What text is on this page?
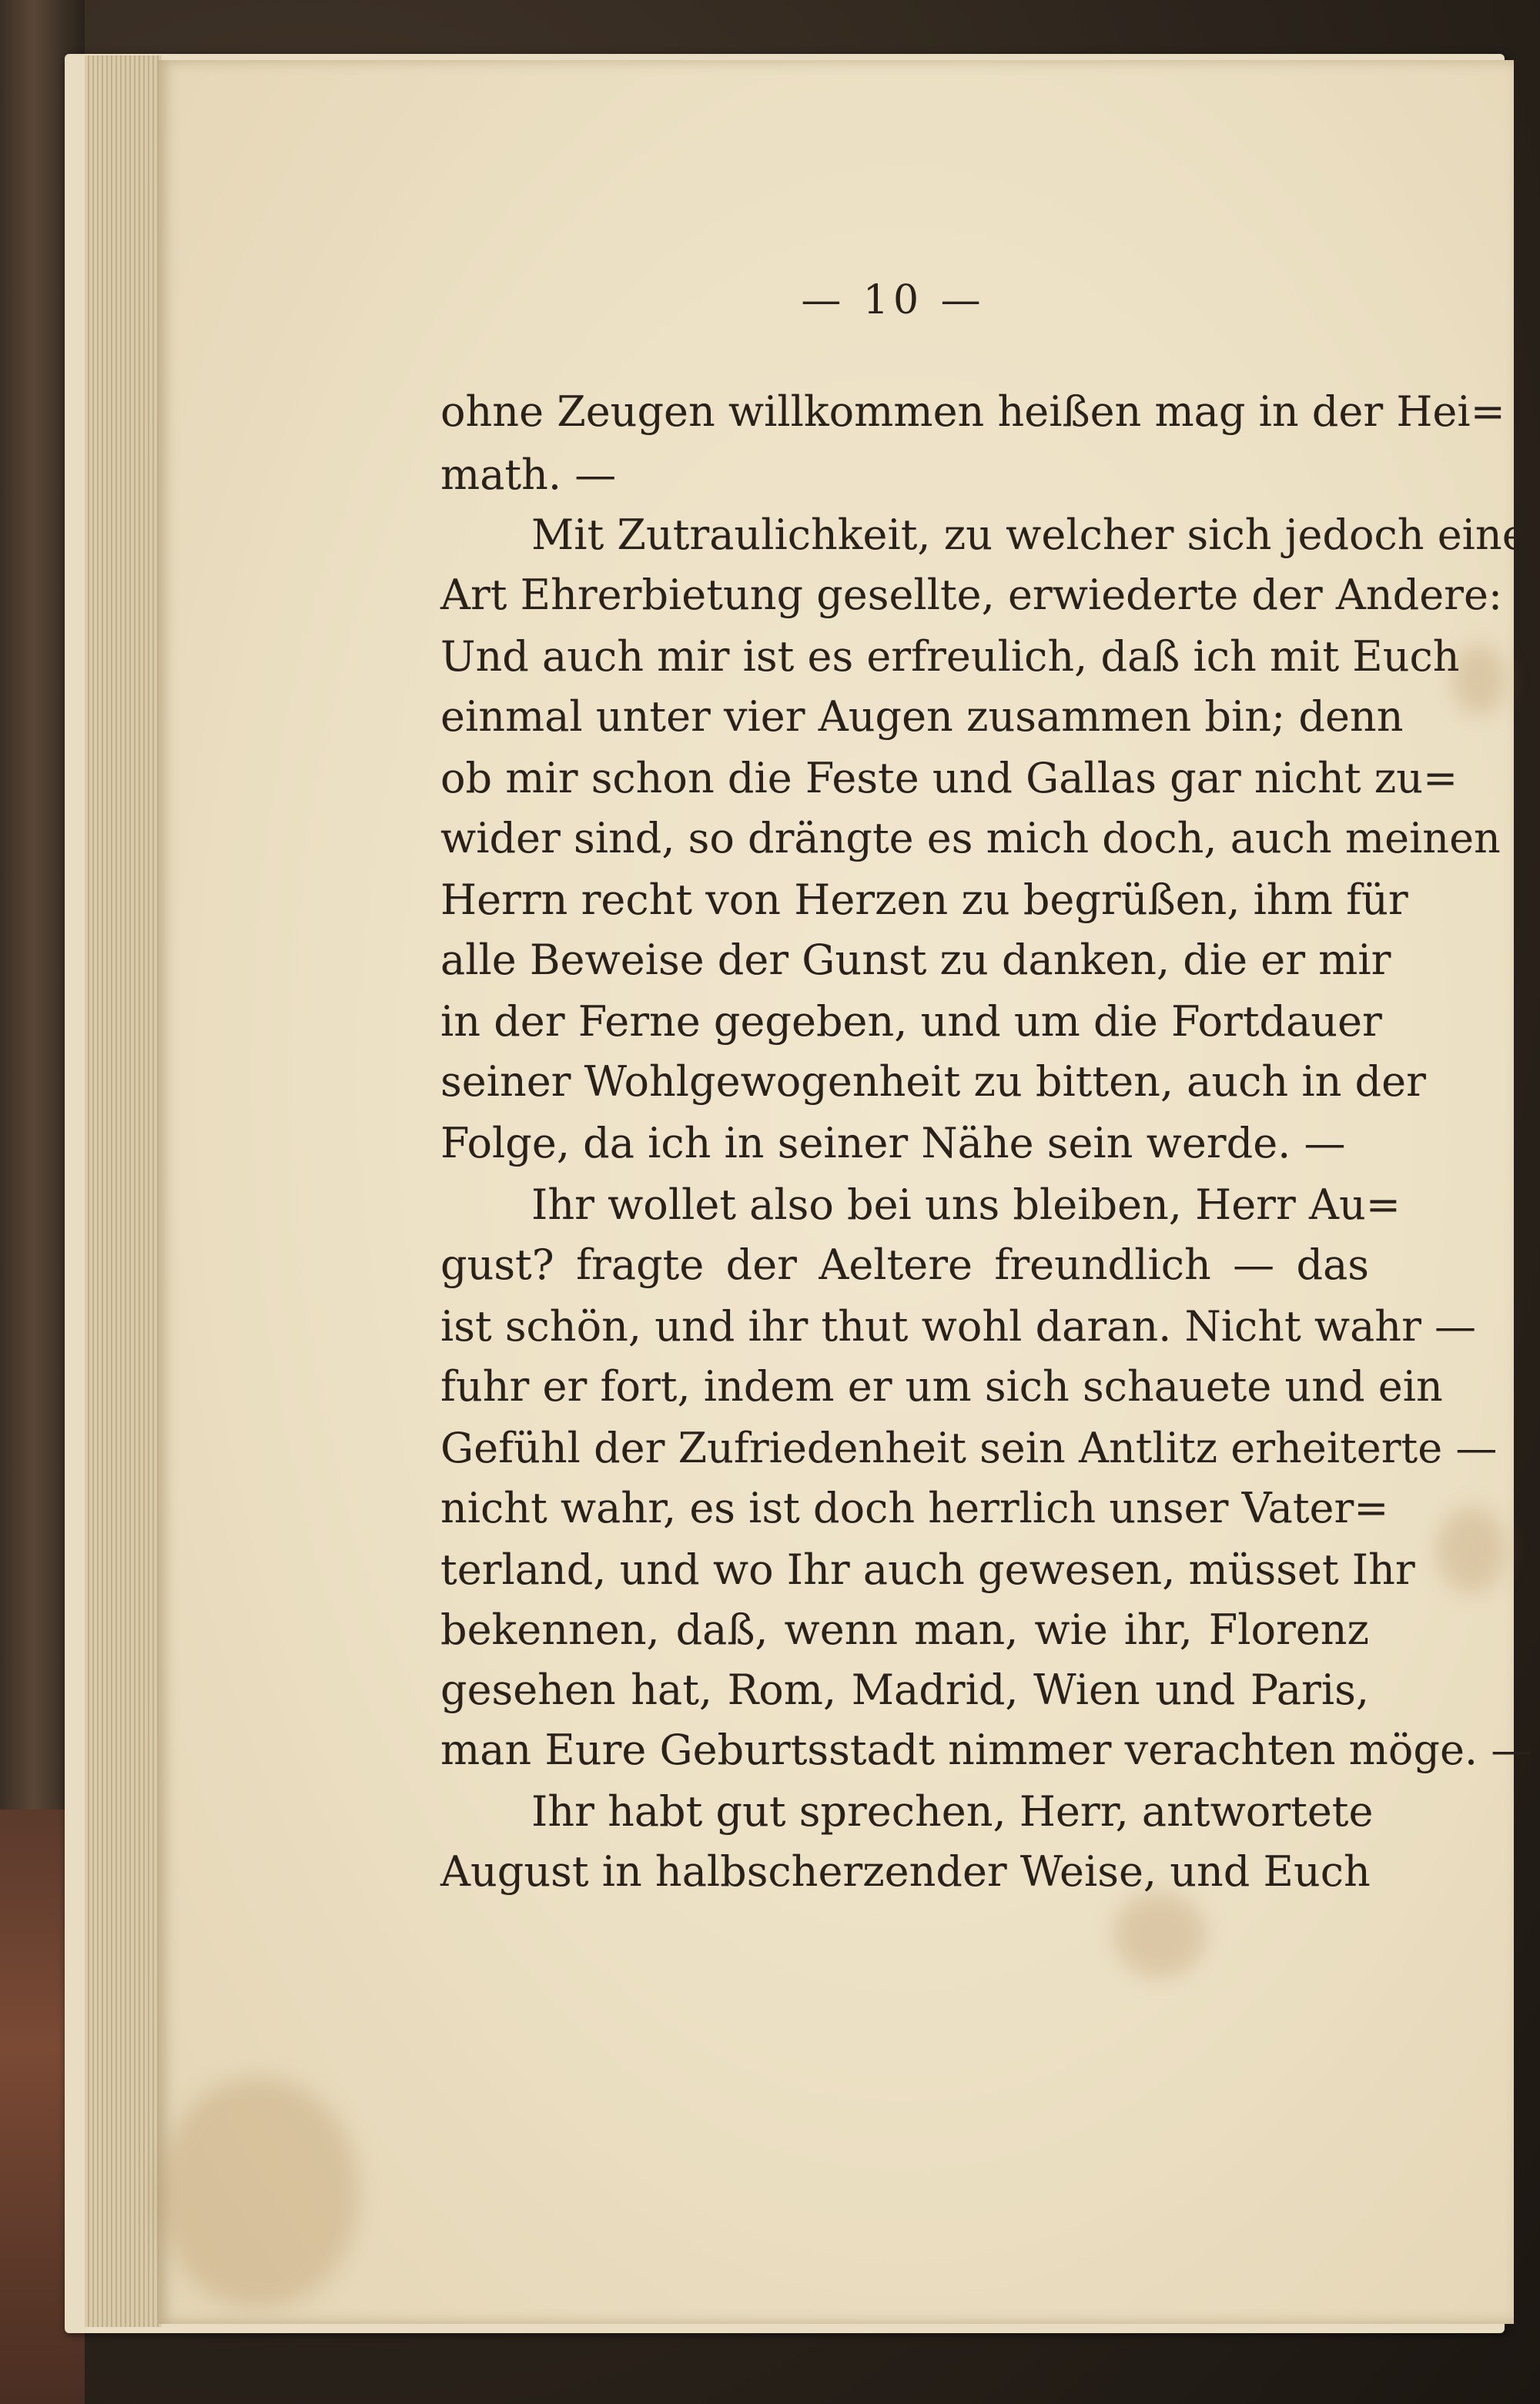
— 10 —
ohne Zeugen willkommen heißen mag in der Hei=
math. —
Mit Zutraulichkeit, zu welcher sich jedoch eine
Art Ehrerbietung gesellte, erwiederte der Andere:
Und auch mir ist es erfreulich, daß ich mit Euch
einmal unter vier Augen zusammen bin; denn
ob mir schon die Feste und Gallas gar nicht zu=
wider sind, so drängte es mich doch, auch meinen
Herrn recht von Herzen zu begrüßen, ihm für
alle Beweise der Gunst zu danken, die er mir
in der Ferne gegeben, und um die Fortdauer
seiner Wohlgewogenheit zu bitten, auch in der
Folge, da ich in seiner Nähe sein werde. —
Ihr wollet also bei uns bleiben, Herr Au=
gust? fragte der Aeltere freundlich — das
ist schön, und ihr thut wohl daran. Nicht wahr —
fuhr er fort, indem er um sich schauete und ein
Gefühl der Zufriedenheit sein Antlitz erheiterte —
nicht wahr, es ist doch herrlich unser Vater=
terland, und wo Ihr auch gewesen, müsset Ihr
bekennen, daß, wenn man, wie ihr, Florenz
gesehen hat, Rom, Madrid, Wien und Paris,
man Eure Geburtsstadt nimmer verachten möge. —
Ihr habt gut sprechen, Herr, antwortete
August in halbscherzender Weise, und Euch
